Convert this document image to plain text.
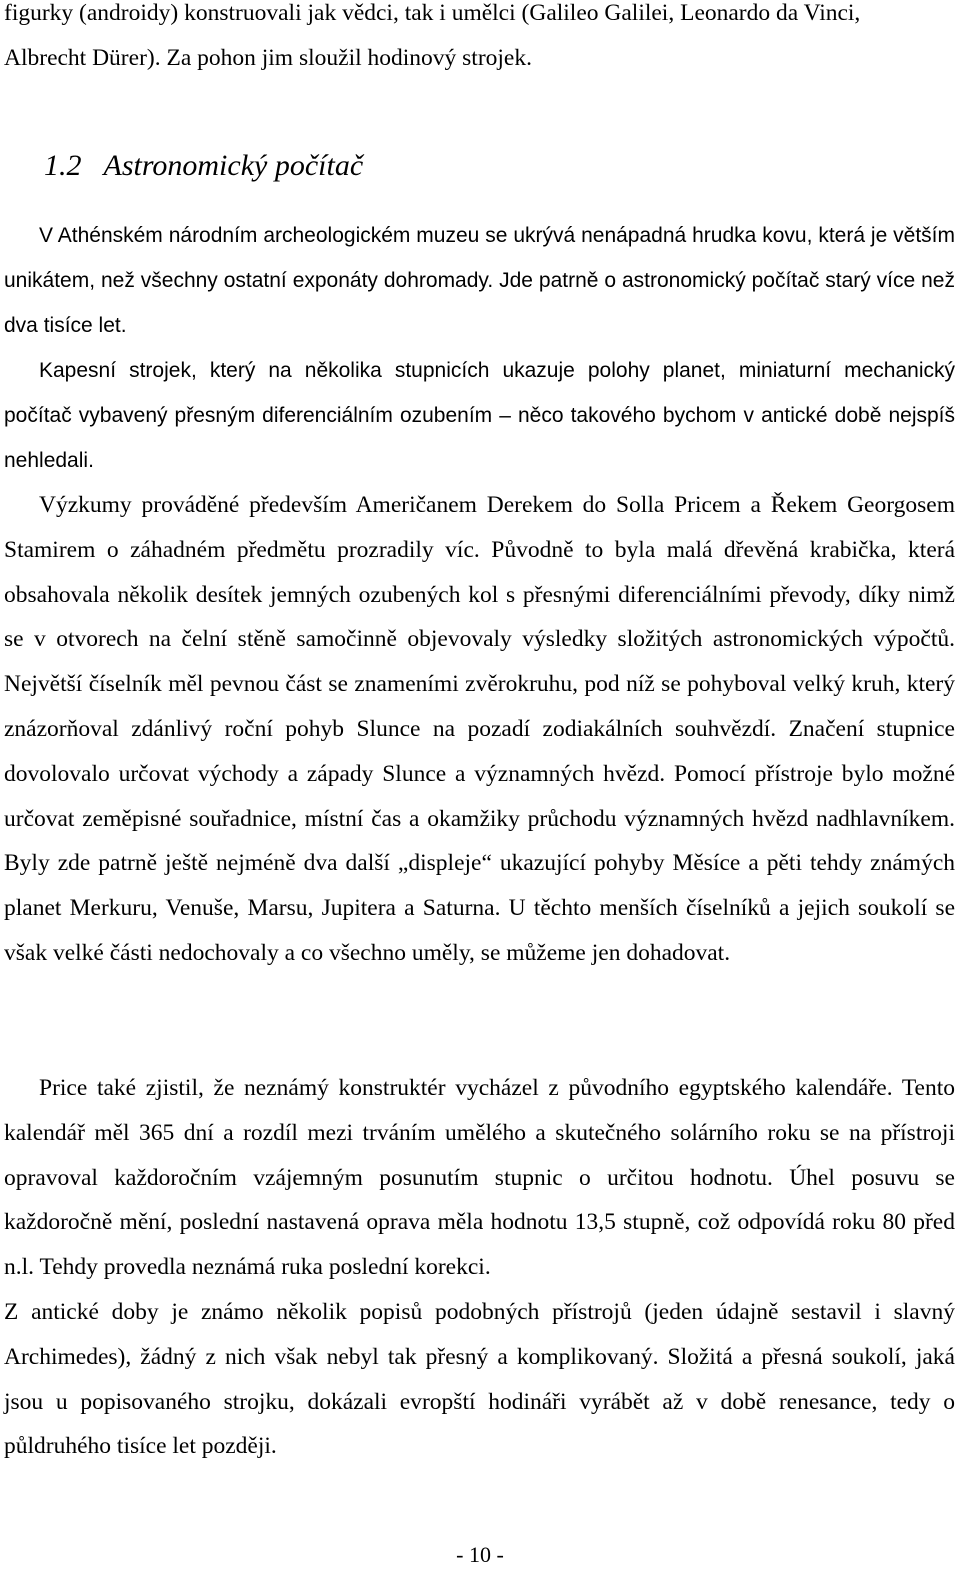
figurky (androidy) konstruovali jak vědci, tak i umělci (Galileo Galilei, Leonardo da Vinci,
Albrecht Dürer). Za pohon jim sloužil hodinový strojek.

1.2 Astronomický počítač

V Athénském národním archeologickém muzeu se ukrývá nenápadná hrudka kovu, která je větším unikátem, než všechny ostatní exponáty dohromady. Jde patrně o astronomický počítač starý více než dva tisíce let.

Kapesní strojek, který na několika stupnicích ukazuje polohy planet, miniaturní mechanický počítač vybavený přesným diferenciálním ozubením – něco takového bychom v antické době nejspíš nehledali.

Výzkumy prováděné především Američanem Derekem do Solla Pricem a Řekem Georgosem Stamirem o záhadném předmětu prozradily víc. Původně to byla malá dřevěná krabička, která obsahovala několik desítek jemných ozubených kol s přesnými diferenciálními převody, díky nimž se v otvorech na čelní stěně samočinně objevovaly výsledky složitých astronomických výpočtů. Největší číselník měl pevnou část se znameními zvěrokruhu, pod níž se pohyboval velký kruh, který znázorňoval zdánlivý roční pohyb Slunce na pozadí zodiakálních souhvězdí. Značení stupnice dovolovalo určovat východy a západy Slunce a významných hvězd. Pomocí přístroje bylo možné určovat zeměpisné souřadnice, místní čas a okamžiky průchodu významných hvězd nadhlavníkem. Byly zde patrně ještě nejméně dva další „displeje“ ukazující pohyby Měsíce a pěti tehdy známých planet Merkuru, Venuše, Marsu, Jupitera a Saturna. U těchto menších číselníků a jejich soukolí se však velké části nedochovaly a co všechno uměly, se můžeme jen dohadovat.

Price také zjistil, že neznámý konstruktér vycházel z původního egyptského kalendáře. Tento kalendář měl 365 dní a rozdíl mezi trváním umělého a skutečného solárního roku se na přístroji opravoval každoročním vzájemným posunutím stupnic o určitou hodnotu. Úhel posuvu se každoročně mění, poslední nastavená oprava měla hodnotu 13,5 stupně, což odpovídá roku 80 před n.l. Tehdy provedla neznámá ruka poslední korekci.

Z antické doby je známo několik popisů podobných přístrojů (jeden údajně sestavil i slavný Archimedes), žádný z nich však nebyl tak přesný a komplikovaný. Složitá a přesná soukolí, jaká jsou u popisovaného strojku, dokázali evropští hodináři vyrábět až v době renesance, tedy o půldruhého tisíce let později.

- 10 -
